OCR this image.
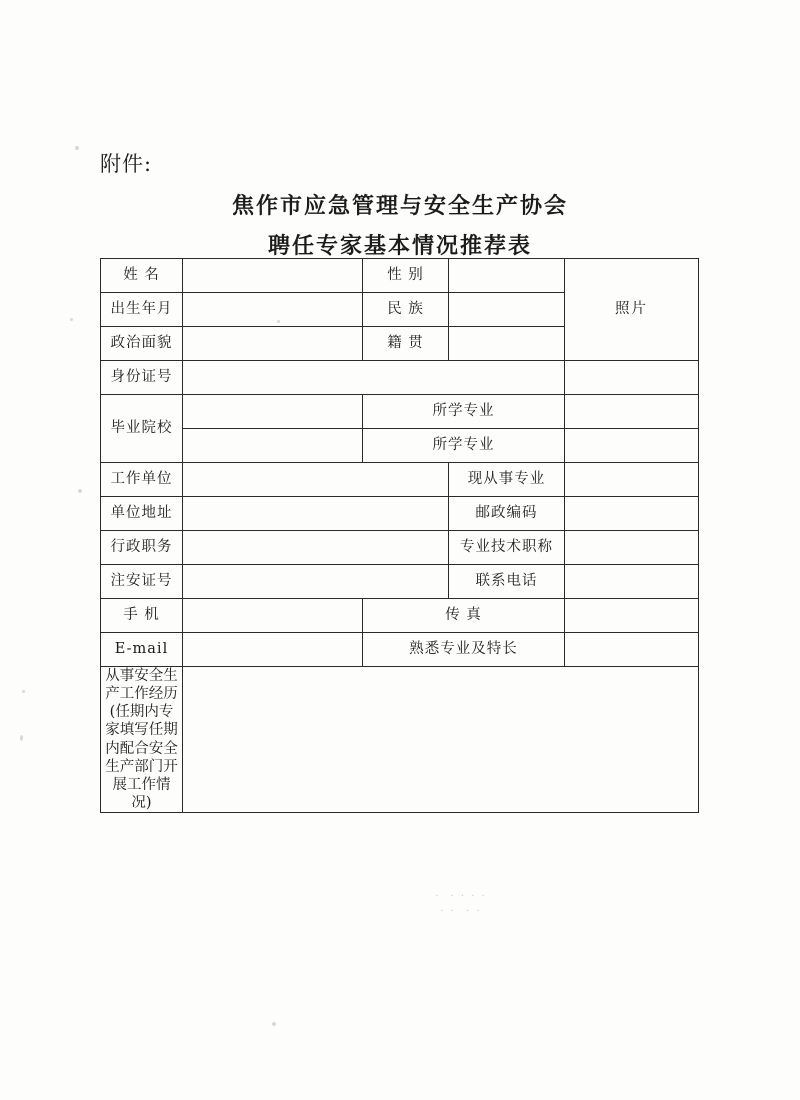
附件:
焦作市应急管理与安全生产协会
聘任专家基本情况推荐表
姓 名		性 别		照片
出生年月		民 族		
政治面貌		籍 贯		
身份证号				
毕业院校		所学专业		
		所学专业		
工作单位			现从事专业	
单位地址			邮政编码	
行政职务			专业技术职称	
注安证号			联系电话	
手 机		传 真		
E-mail		熟悉专业及特长		
从事安全生产工作经历(任期内专家填写任期内配合安全生产部门开展工作情况)				
·  · · · ·
· ·  · ·
